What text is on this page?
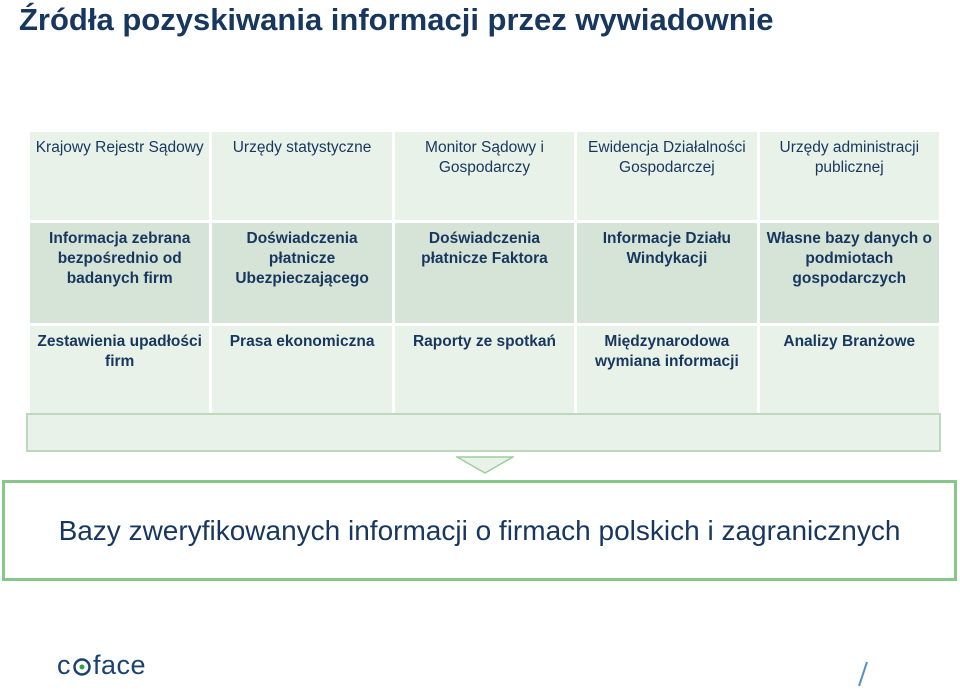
Źródła pozyskiwania informacji przez wywiadownie
Krajowy Rejestr Sądowy	Urzędy statystyczne	Monitor Sądowy i Gospodarczy	Ewidencja Działalności Gospodarczej	Urzędy administracji publicznej
Informacja zebrana bezpośrednio od badanych firm	Doświadczenia płatnicze Ubezpieczającego	Doświadczenia płatnicze Faktora	Informacje Działu Windykacji	Własne bazy danych o podmiotach gospodarczych
Zestawienia upadłości firm	Prasa ekonomiczna	Raporty ze spotkań	Międzynarodowa wymiana informacji	Analizy Branżowe
Bazy zweryfikowanych informacji o firmach polskich i zagranicznych
c face
